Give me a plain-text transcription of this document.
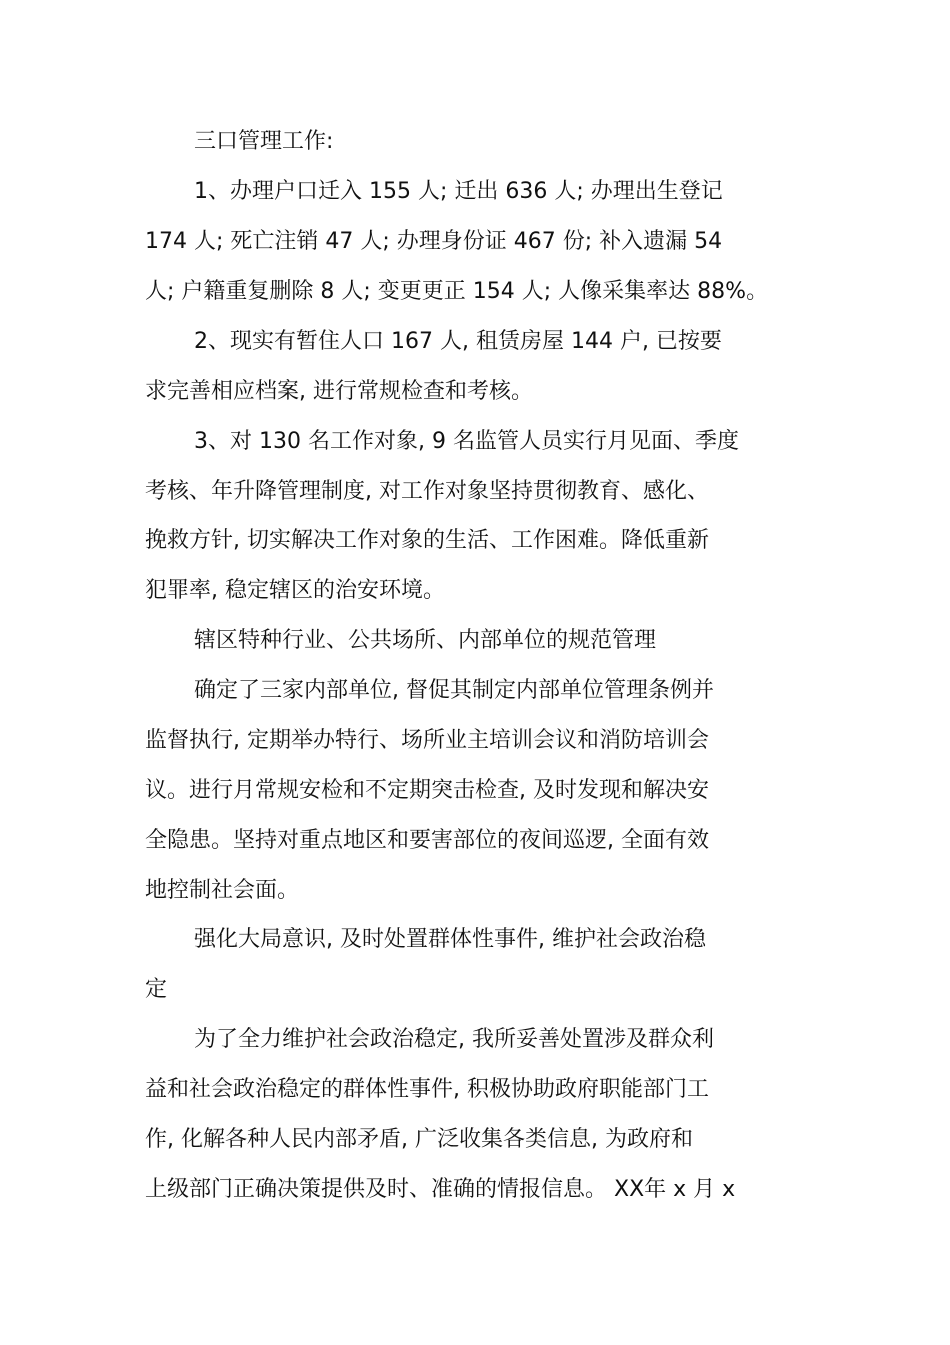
三口管理工作:

1、办理户口迁入 155 人; 迁出 636 人; 办理出生登记

174 人; 死亡注销 47 人; 办理身份证 467 份; 补入遗漏 54

人; 户籍重复删除 8 人; 变更更正 154 人; 人像采集率达 88%。

2、现实有暂住人口 167 人, 租赁房屋 144 户, 已按要

求完善相应档案, 进行常规检查和考核。

3、对 130 名工作对象, 9 名监管人员实行月见面、季度

考核、年升降管理制度, 对工作对象坚持贯彻教育、感化、

挽救方针, 切实解决工作对象的生活、工作困难。降低重新

犯罪率, 稳定辖区的治安环境。

辖区特种行业、公共场所、内部单位的规范管理

确定了三家内部单位, 督促其制定内部单位管理条例并

监督执行, 定期举办特行、场所业主培训会议和消防培训会

议。进行月常规安检和不定期突击检查, 及时发现和解决安

全隐患。坚持对重点地区和要害部位的夜间巡逻, 全面有效

地控制社会面。

强化大局意识, 及时处置群体性事件, 维护社会政治稳

定

为了全力维护社会政治稳定, 我所妥善处置涉及群众利

益和社会政治稳定的群体性事件, 积极协助政府职能部门工

作, 化解各种人民内部矛盾, 广泛收集各类信息, 为政府和

上级部门正确决策提供及时、准确的情报信息。 XX年 x 月 x
